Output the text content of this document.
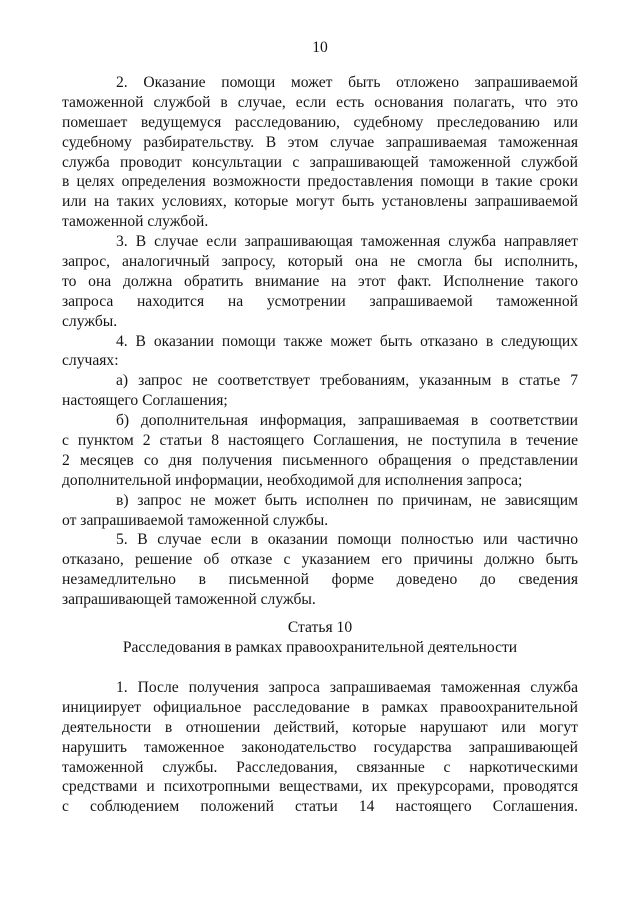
10
2. Оказание помощи может быть отложено запрашиваемой
таможенной службой в случае, если есть основания полагать, что это
помешает ведущемуся расследованию, судебному преследованию или
судебному разбирательству. В этом случае запрашиваемая таможенная
служба проводит консультации с запрашивающей таможенной службой
в целях определения возможности предоставления помощи в такие сроки
или на таких условиях, которые могут быть установлены запрашиваемой
таможенной службой.
3. В случае если запрашивающая таможенная служба направляет
запрос, аналогичный запросу, который она не смогла бы исполнить,
то она должна обратить внимание на этот факт. Исполнение такого
запроса находится на усмотрении запрашиваемой таможенной
службы.
4. В оказании помощи также может быть отказано в следующих
случаях:
а) запрос не соответствует требованиям, указанным в статье 7
настоящего Соглашения;
б) дополнительная информация, запрашиваемая в соответствии
с пунктом 2 статьи 8 настоящего Соглашения, не поступила в течение
2 месяцев со дня получения письменного обращения о представлении
дополнительной информации, необходимой для исполнения запроса;
в) запрос не может быть исполнен по причинам, не зависящим
от запрашиваемой таможенной службы.
5. В случае если в оказании помощи полностью или частично
отказано, решение об отказе с указанием его причины должно быть
незамедлительно в письменной форме доведено до сведения
запрашивающей таможенной службы.
Статья 10
Расследования в рамках правоохранительной деятельности
1. После получения запроса запрашиваемая таможенная служба
инициирует официальное расследование в рамках правоохранительной
деятельности в отношении действий, которые нарушают или могут
нарушить таможенное законодательство государства запрашивающей
таможенной службы. Расследования, связанные с наркотическими
средствами и психотропными веществами, их прекурсорами, проводятся
с соблюдением положений статьи 14 настоящего Соглашения.
